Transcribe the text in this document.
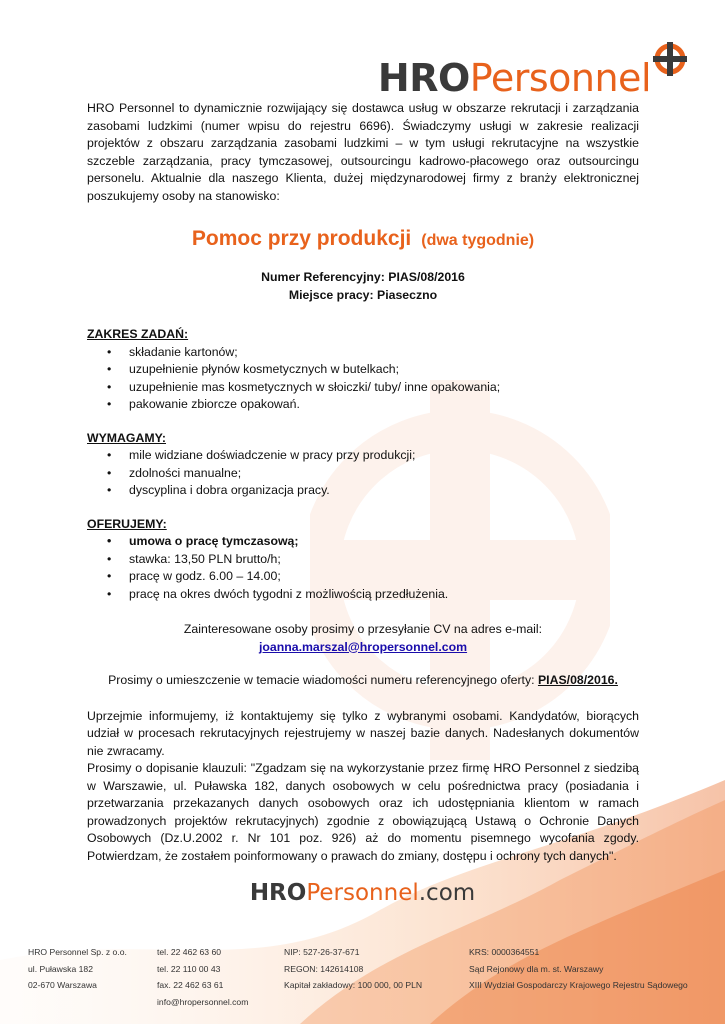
HROPersonnel

HRO Personnel to dynamicznie rozwijający się dostawca usług w obszarze rekrutacji i zarządzania zasobami ludzkimi (numer wpisu do rejestru 6696). Świadczymy usługi w zakresie realizacji projektów z obszaru zarządzania zasobami ludzkimi – w tym usługi rekrutacyjne na wszystkie szczeble zarządzania, pracy tymczasowej, outsourcingu kadrowo-płacowego oraz outsourcingu personelu. Aktualnie dla naszego Klienta, dużej międzynarodowej firmy z branży elektronicznej poszukujemy osoby na stanowisko:

Pomoc przy produkcji (dwa tygodnie)
Numer Referencyjny: PIAS/08/2016
Miejsce pracy: Piaseczno
ZAKRES ZADAŃ:
• składanie kartonów;
• uzupełnienie płynów kosmetycznych w butelkach;
• uzupełnienie mas kosmetycznych w słoiczki/ tuby/ inne opakowania;
• pakowanie zbiorcze opakowań.
WYMAGAMY:
• mile widziane doświadczenie w pracy przy produkcji;
• zdolności manualne;
• dyscyplina i dobra organizacja pracy.
OFERUJEMY:
• umowa o pracę tymczasową;
• stawka: 13,50 PLN brutto/h;
• pracę w godz. 6.00 – 14.00;
• pracę na okres dwóch tygodni z możliwością przedłużenia.
Zainteresowane osoby prosimy o przesyłanie CV na adres e-mail:
joanna.marszal@hropersonnel.com
Prosimy o umieszczenie w temacie wiadomości numeru referencyjnego oferty: PIAS/08/2016.

Uprzejmie informujemy, iż kontaktujemy się tylko z wybranymi osobami. Kandydatów, biorących udział w procesach rekrutacyjnych rejestrujemy w naszej bazie danych. Nadesłanych dokumentów nie zwracamy.

Prosimy o dopisanie klauzuli: "Zgadzam się na wykorzystanie przez firmę HRO Personnel z siedzibą w Warszawie, ul. Puławska 182, danych osobowych w celu pośrednictwa pracy (posiadania i przetwarzania przekazanych danych osobowych oraz ich udostępniania klientom w ramach prowadzonych projektów rekrutacyjnych) zgodnie z obowiązującą Ustawą o Ochronie Danych Osobowych (Dz.U.2002 r. Nr 101 poz. 926) aż do momentu pisemnego wycofania zgody. Potwierdzam, że zostałem poinformowany o prawach do zmiany, dostępu i ochrony tych danych".

HROPersonnel.com
HRO Personnel Sp. z o.o.
ul. Puławska 182
02-670 Warszawa
tel. 22 462 63 60
tel. 22 110 00 43
fax. 22 462 63 61
info@hropersonnel.com
NIP: 527-26-37-671
REGON: 142614108
Kapitał zakładowy: 100 000, 00 PLN
KRS: 0000364551
Sąd Rejonowy dla m. st. Warszawy
XIII Wydział Gospodarczy Krajowego Rejestru Sądowego
